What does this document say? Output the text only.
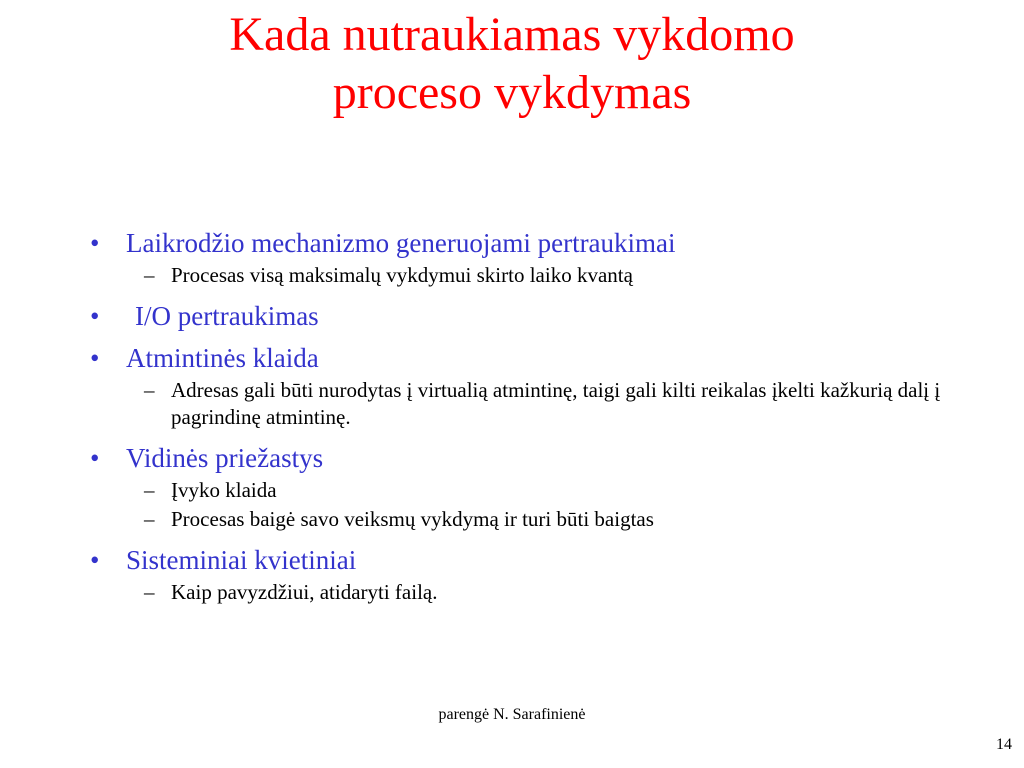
Kada nutraukiamas vykdomo
proceso vykdymas
• Laikrodžio mechanizmo generuojami pertraukimai
– Procesas visą maksimalų vykdymui skirto laiko kvantą
• I/O pertraukimas
• Atmintinės klaida
– Adresas gali būti nurodytas į virtualią atmintinę, taigi gali kilti reikalas įkelti kažkurią dalį į pagrindinę atmintinę.
• Vidinės priežastys
– Įvyko klaida
– Procesas baigė savo veiksmų vykdymą ir turi būti baigtas
• Sisteminiai kvietiniai
– Kaip pavyzdžiui, atidaryti failą.
parengė N. Sarafinienė
14
